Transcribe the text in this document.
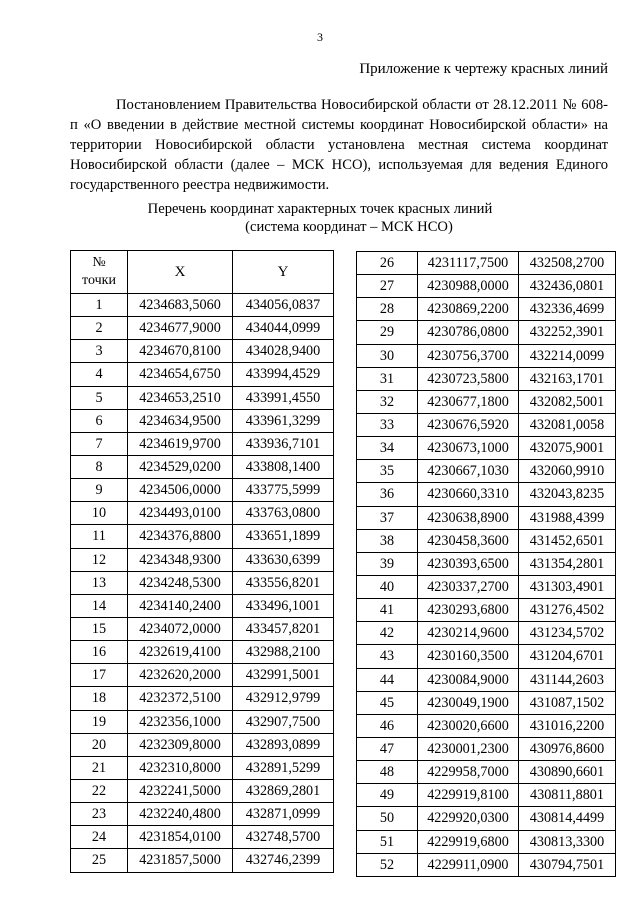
3
Приложение к чертежу красных линий

Постановлением Правительства Новосибирской области от 28.12.2011 № 608-п «О введении в действие местной системы координат Новосибирской области» на территории Новосибирской области установлена местная система координат Новосибирской области (далее – МСК НСО), используемая для ведения Единого государственного реестра недвижимости.

Перечень координат характерных точек красных линий
(система координат – МСК НСО)
№
точки	X	Y
1	4234683,5060	434056,0837
2	4234677,9000	434044,0999
3	4234670,8100	434028,9400
4	4234654,6750	433994,4529
5	4234653,2510	433991,4550
6	4234634,9500	433961,3299
7	4234619,9700	433936,7101
8	4234529,0200	433808,1400
9	4234506,0000	433775,5999
10	4234493,0100	433763,0800
11	4234376,8800	433651,1899
12	4234348,9300	433630,6399
13	4234248,5300	433556,8201
14	4234140,2400	433496,1001
15	4234072,0000	433457,8201
16	4232619,4100	432988,2100
17	4232620,2000	432991,5001
18	4232372,5100	432912,9799
19	4232356,1000	432907,7500
20	4232309,8000	432893,0899
21	4232310,8000	432891,5299
22	4232241,5000	432869,2801
23	4232240,4800	432871,0999
24	4231854,0100	432748,5700
25	4231857,5000	432746,2399
26	4231117,7500	432508,2700
27	4230988,0000	432436,0801
28	4230869,2200	432336,4699
29	4230786,0800	432252,3901
30	4230756,3700	432214,0099
31	4230723,5800	432163,1701
32	4230677,1800	432082,5001
33	4230676,5920	432081,0058
34	4230673,1000	432075,9001
35	4230667,1030	432060,9910
36	4230660,3310	432043,8235
37	4230638,8900	431988,4399
38	4230458,3600	431452,6501
39	4230393,6500	431354,2801
40	4230337,2700	431303,4901
41	4230293,6800	431276,4502
42	4230214,9600	431234,5702
43	4230160,3500	431204,6701
44	4230084,9000	431144,2603
45	4230049,1900	431087,1502
46	4230020,6600	431016,2200
47	4230001,2300	430976,8600
48	4229958,7000	430890,6601
49	4229919,8100	430811,8801
50	4229920,0300	430814,4499
51	4229919,6800	430813,3300
52	4229911,0900	430794,7501
